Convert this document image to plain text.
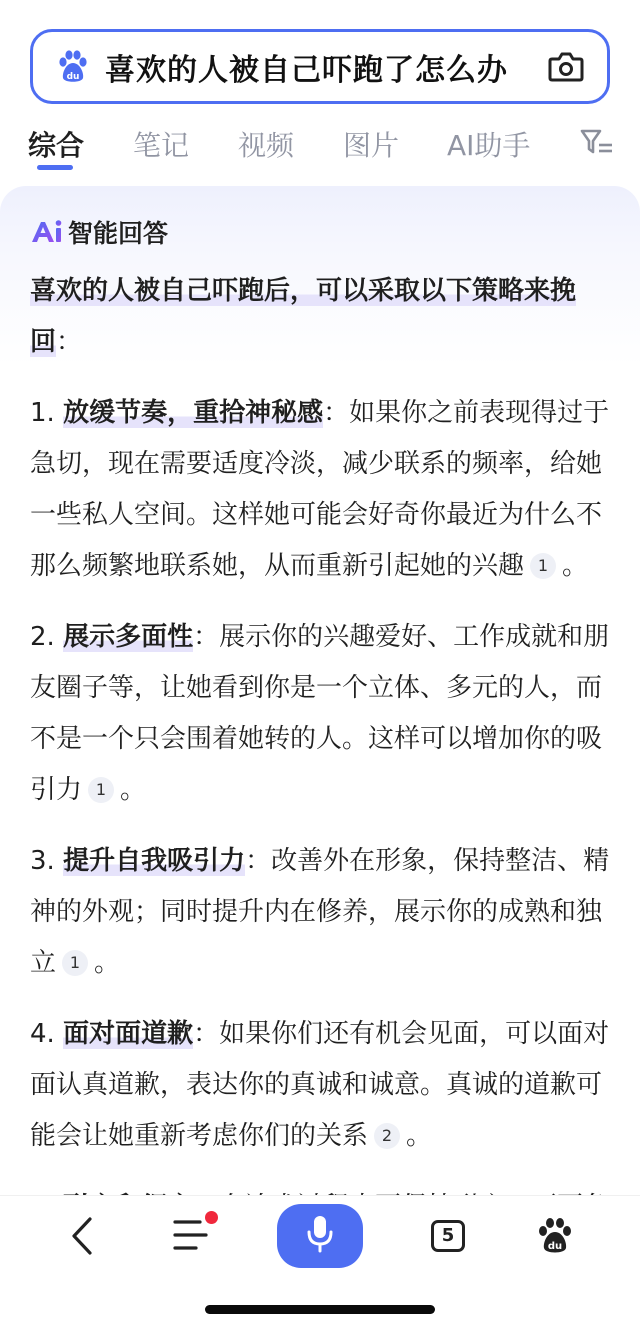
du 喜欢的人被自己吓跑了怎么办
综合 笔记 视频 图片 AI助手
智能回答
喜欢的人被自己吓跑后，可以采取以下策略来挽回：
1. 放缓节奏，重拾神秘感：如果你之前表现得过于急切，现在需要适度冷淡，减少联系的频率，给她一些私人空间。这样她可能会好奇你最近为什么不那么频繁地联系她，从而重新引起她的兴趣 1 。
2. 展示多面性：展示你的兴趣爱好、工作成就和朋友圈子等，让她看到你是一个立体、多元的人，而不是一个只会围着她转的人。这样可以增加你的吸引力 1 。
3. 提升自我吸引力：改善外在形象，保持整洁、精神的外观；同时提升内在修养，展示你的成熟和独立 1 。
4. 面对面道歉：如果你们还有机会见面，可以面对面认真道歉，表达你的真诚和诚意。真诚的道歉可能会让她重新考虑你们的关系 2 。
5
du
